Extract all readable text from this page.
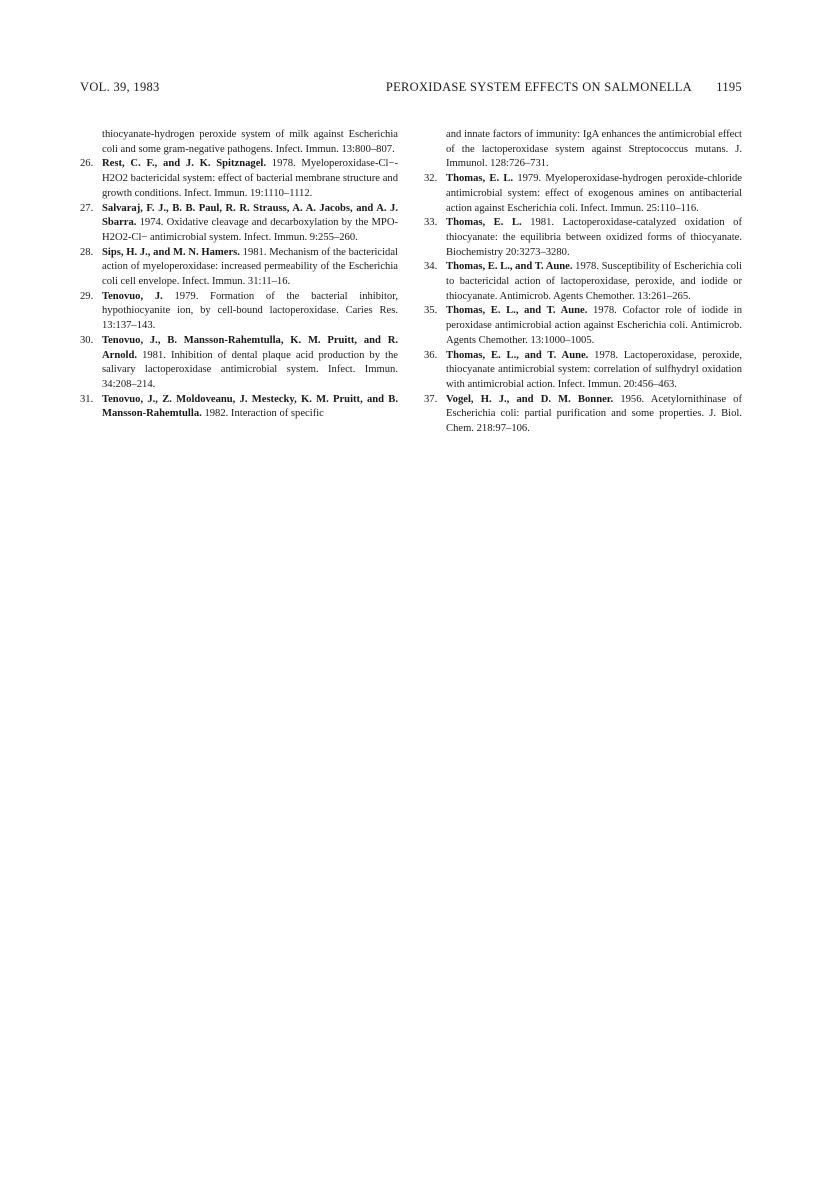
VOL. 39, 1983	PEROXIDASE SYSTEM EFFECTS ON SALMONELLA 1195

thiocyanate-hydrogen peroxide system of milk against Escherichia coli and some gram-negative pathogens. Infect. Immun. 13:800–807.

26. Rest, C. F., and J. K. Spitznagel. 1978. Myeloperoxidase-Cl−-H2O2 bactericidal system: effect of bacterial membrane structure and growth conditions. Infect. Immun. 19:1110–1112.

27. Salvaraj, F. J., B. B. Paul, R. R. Strauss, A. A. Jacobs, and A. J. Sbarra. 1974. Oxidative cleavage and decarboxylation by the MPO-H2O2-Cl− antimicrobial system. Infect. Immun. 9:255–260.

28. Sips, H. J., and M. N. Hamers. 1981. Mechanism of the bactericidal action of myeloperoxidase: increased permeability of the Escherichia coli cell envelope. Infect. Immun. 31:11–16.

29. Tenovuo, J. 1979. Formation of the bacterial inhibitor, hypothiocyanite ion, by cell-bound lactoperoxidase. Caries Res. 13:137–143.

30. Tenovuo, J., B. Mansson-Rahemtulla, K. M. Pruitt, and R. Arnold. 1981. Inhibition of dental plaque acid production by the salivary lactoperoxidase antimicrobial system. Infect. Immun. 34:208–214.

31. Tenovuo, J., Z. Moldoveanu, J. Mestecky, K. M. Pruitt, and B. Mansson-Rahemtulla. 1982. Interaction of specific

and innate factors of immunity: IgA enhances the antimicrobial effect of the lactoperoxidase system against Streptococcus mutans. J. Immunol. 128:726–731.

32. Thomas, E. L. 1979. Myeloperoxidase-hydrogen peroxide-chloride antimicrobial system: effect of exogenous amines on antibacterial action against Escherichia coli. Infect. Immun. 25:110–116.

33. Thomas, E. L. 1981. Lactoperoxidase-catalyzed oxidation of thiocyanate: the equilibria between oxidized forms of thiocyanate. Biochemistry 20:3273–3280.

34. Thomas, E. L., and T. Aune. 1978. Susceptibility of Escherichia coli to bactericidal action of lactoperoxidase, peroxide, and iodide or thiocyanate. Antimicrob. Agents Chemother. 13:261–265.

35. Thomas, E. L., and T. Aune. 1978. Cofactor role of iodide in peroxidase antimicrobial action against Escherichia coli. Antimicrob. Agents Chemother. 13:1000–1005.

36. Thomas, E. L., and T. Aune. 1978. Lactoperoxidase, peroxide, thiocyanate antimicrobial system: correlation of sulfhydryl oxidation with antimicrobial action. Infect. Immun. 20:456–463.

37. Vogel, H. J., and D. M. Bonner. 1956. Acetylornithinase of Escherichia coli: partial purification and some properties. J. Biol. Chem. 218:97–106.
